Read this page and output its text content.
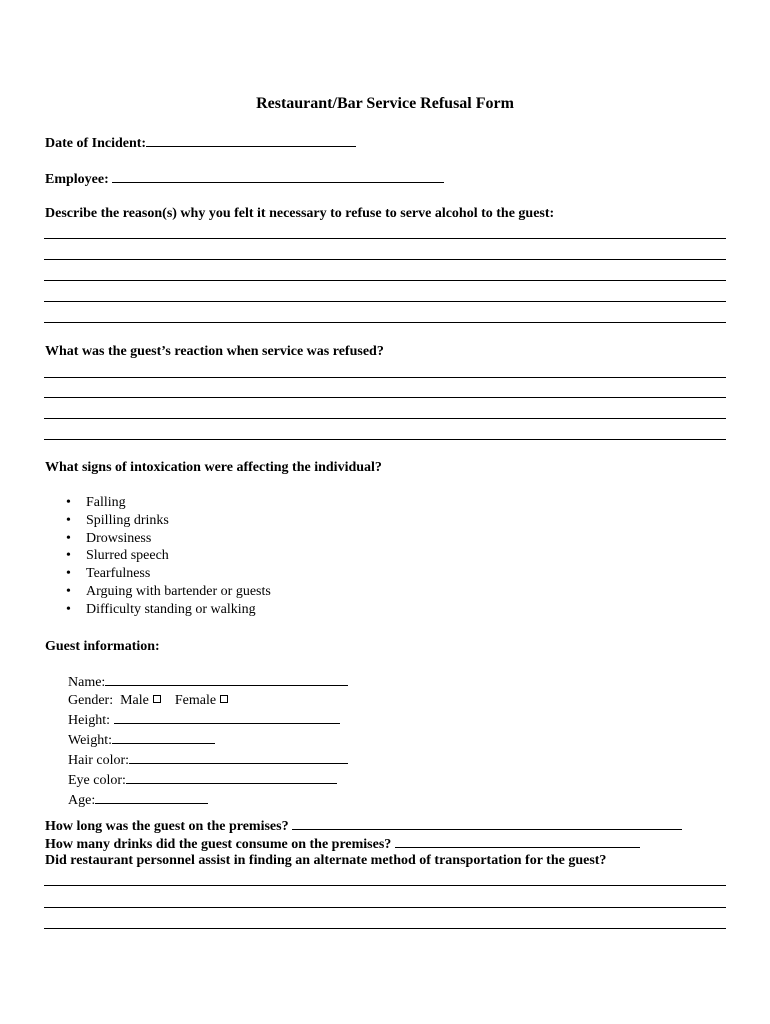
Restaurant/Bar Service Refusal Form
Date of Incident:
Employee:
Describe the reason(s) why you felt it necessary to refuse to serve alcohol to the guest:
What was the guest’s reaction when service was refused?
What signs of intoxication were affecting the individual?
• Falling
• Spilling drinks
• Drowsiness
• Slurred speech
• Tearfulness
• Arguing with bartender or guests
• Difficulty standing or walking
Guest information:
Name:
Gender: Male Female
Height:
Weight:
Hair color:
Eye color:
Age:
How long was the guest on the premises?
How many drinks did the guest consume on the premises?
Did restaurant personnel assist in finding an alternate method of transportation for the guest?
